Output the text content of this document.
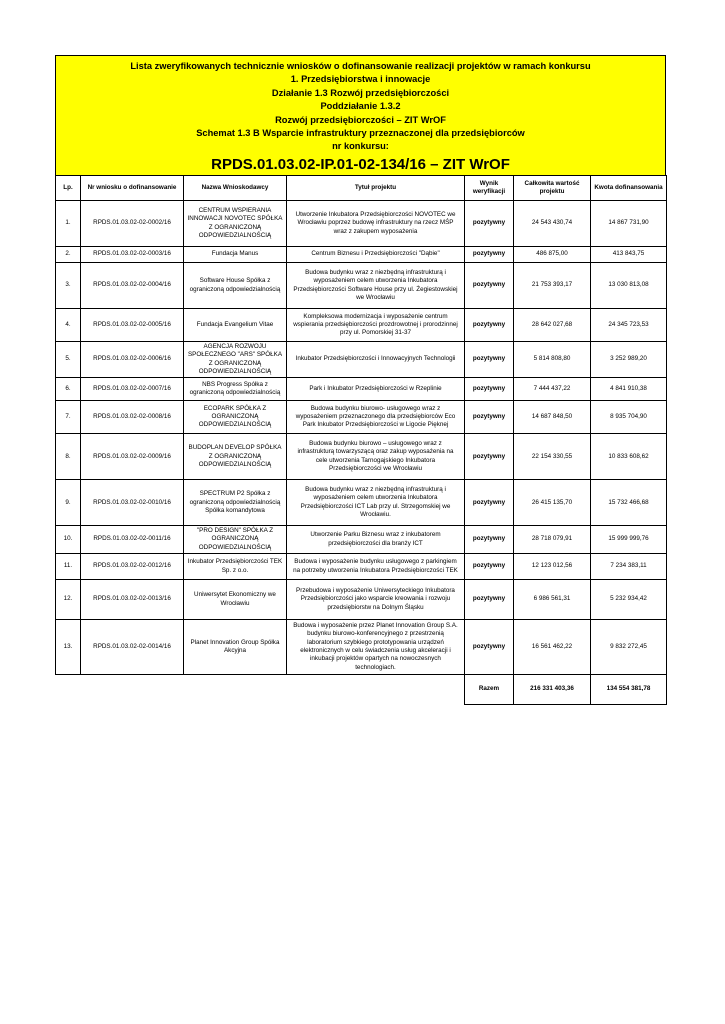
Lista zweryfikowanych technicznie wniosków o dofinansowanie realizacji projektów w ramach konkursu
1. Przedsiębiorstwa i innowacje
Działanie 1.3 Rozwój przedsiębiorczości
Poddziałanie 1.3.2
Rozwój przedsiębiorczości – ZIT WrOF
Schemat 1.3 B Wsparcie infrastruktury przeznaczonej dla przedsiębiorców
nr konkursu:
RPDS.01.03.02-IP.01-02-134/16 – ZIT WrOF
Lp.	Nr wniosku o dofinansowanie	Nazwa Wnioskodawcy	Tytuł projektu	Wynik weryfikacji	Całkowita wartość projektu	Kwota dofinansowania
1.	RPDS.01.03.02-02-0002/16	CENTRUM WSPIERANIA INNOWACJI NOVOTEC SPÓŁKA Z OGRANICZONĄ ODPOWIEDZIALNOŚCIĄ	Utworzenie Inkubatora Przedsiębiorczości NOVOTEC we Wrocławiu poprzez budowę infrastruktury na rzecz MŚP wraz z zakupem wyposażenia	pozytywny	24 543 430,74	14 867 731,90
2.	RPDS.01.03.02-02-0003/16	Fundacja Manus	Centrum Biznesu i Przedsiębiorczości "Dąbie"	pozytywny	486 875,00	413 843,75
3.	RPDS.01.03.02-02-0004/16	Software House Spółka z ograniczoną odpowiedzialnością	Budowa budynku wraz z niezbędną infrastrukturą i wyposażeniem celem utworzenia Inkubatora Przedsiębiorczości Software House przy ul. Żegiestowskiej we Wrocławiu	pozytywny	21 753 393,17	13 030 813,08
4.	RPDS.01.03.02-02-0005/16	Fundacja Evangelium Vitae	Kompleksowa modernizacja i wyposażenie centrum wspierania przedsiębiorczości prozdrowotnej i prorodzinnej przy ul. Pomorskiej 31-37	pozytywny	28 642 027,68	24 345 723,53
5.	RPDS.01.03.02-02-0006/16	AGENCJA ROZWOJU SPOŁECZNEGO "ARS" SPÓŁKA Z OGRANICZONĄ ODPOWIEDZIALNOŚCIĄ	Inkubator Przedsiębiorczości i Innowacyjnych Technologii	pozytywny	5 814 808,80	3 252 989,20
6.	RPDS.01.03.02-02-0007/16	NBS Progress Spółka z ograniczoną odpowiedzialnością	Park i Inkubator Przedsiębiorczości w Rzeplinie	pozytywny	7 444 437,22	4 841 910,38
7.	RPDS.01.03.02-02-0008/16	ECOPARK SPÓŁKA Z OGRANICZONĄ ODPOWIEDZIALNOŚCIĄ	Budowa budynku biurowo- usługowego wraz z wyposażeniem przeznaczonego dla przedsiębiorców Eco Park Inkubator Przedsiębiorczości w Ligocie Pięknej	pozytywny	14 687 848,50	8 935 704,90
8.	RPDS.01.03.02-02-0009/16	BUDOPLAN DEVELOP SPÓŁKA Z OGRANICZONĄ ODPOWIEDZIALNOŚCIĄ	Budowa budynku biurowo – usługowego wraz z infrastrukturą towarzyszącą oraz zakup wyposażenia na cele utworzenia Tarnogajskiego Inkubatora Przedsiębiorczości we Wrocławiu	pozytywny	22 154 330,55	10 833 608,62
9.	RPDS.01.03.02-02-0010/16	SPECTRUM P2 Spółka z ograniczoną odpowiedzialnością Spółka komandytowa	Budowa budynku wraz z niezbędną infrastrukturą i wyposażeniem celem utworzenia Inkubatora Przedsiębiorczości ICT Lab przy ul. Strzegomskiej we Wrocławiu.	pozytywny	26 415 135,70	15 732 466,68
10.	RPDS.01.03.02-02-0011/16	"PRO DESIGN" SPÓŁKA Z OGRANICZONĄ ODPOWIEDZIALNOŚCIĄ	Utworzenie Parku Biznesu wraz z inkubatorem przedsiębiorczości dla branży ICT	pozytywny	28 718 079,91	15 999 999,76
11.	RPDS.01.03.02-02-0012/16	Inkubator Przedsiębiorczości TEK Sp. z o.o.	Budowa i wyposażenie budynku usługowego z parkingiem na potrzeby utworzenia Inkubatora Przedsiębiorczości TEK	pozytywny	12 123 012,56	7 234 383,11
12.	RPDS.01.03.02-02-0013/16	Uniwersytet Ekonomiczny we Wrocławiu	Przebudowa i wyposażenie Uniwersyteckiego Inkubatora Przedsiębiorczości jako wsparcie kreowania i rozwoju przedsiębiorstw na Dolnym Śląsku	pozytywny	6 986 561,31	5 232 934,42
13.	RPDS.01.03.02-02-0014/16	Planet Innovation Group Spółka Akcyjna	Budowa i wyposażenie przez Planet Innovation Group S.A. budynku biurowo-konferencyjnego z przestrzenią laboratorium szybkiego prototypowania urządzeń elektronicznych w celu świadczenia usług akceleracji i inkubacji projektów opartych na nowoczesnych technologiach.	pozytywny	16 561 462,22	9 832 272,45
				Razem	216 331 403,36	134 554 381,78
